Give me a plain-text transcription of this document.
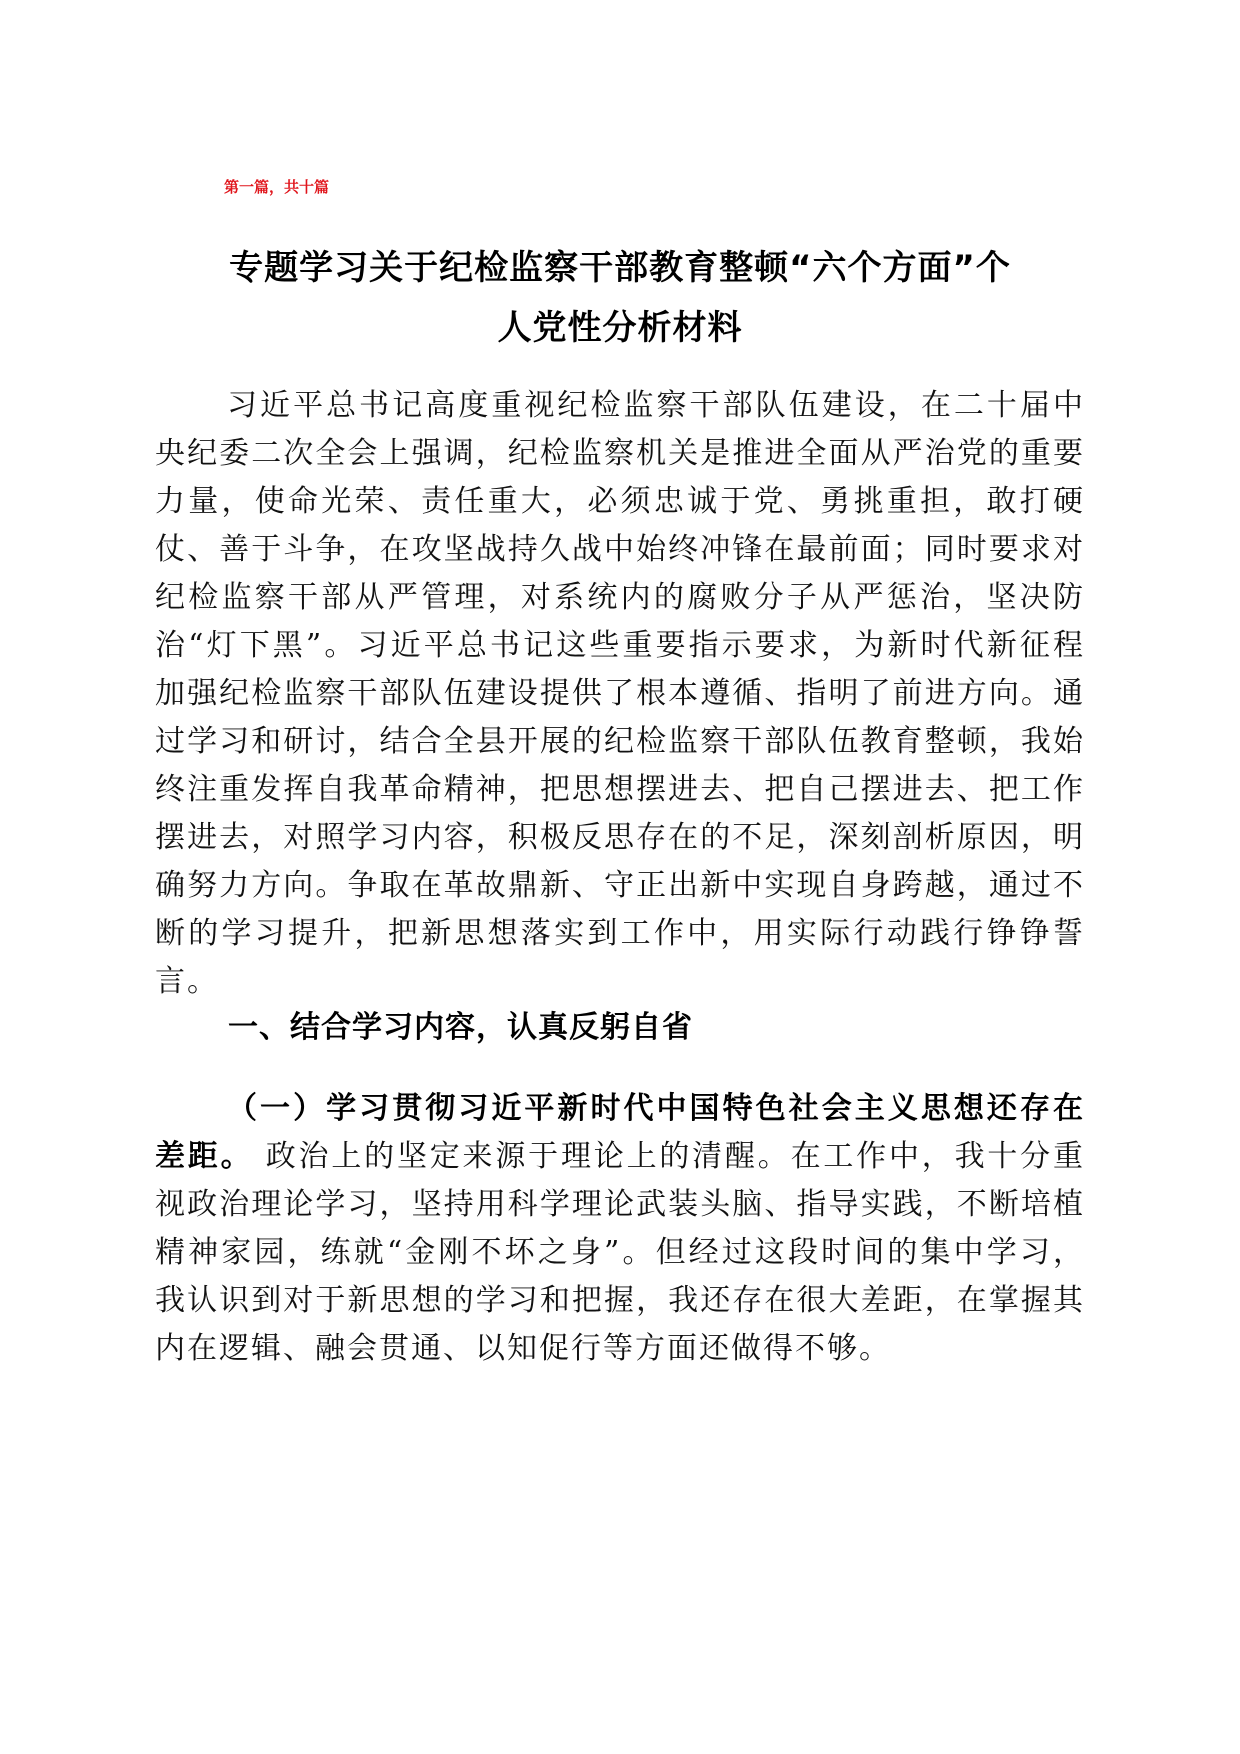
第一篇，共十篇
专题学习关于纪检监察干部教育整顿“六个方面”个
人党性分析材料

习近平总书记高度重视纪检监察干部队伍建设，在二十届中央纪委二次全会上强调，纪检监察机关是推进全面从严治党的重要力量，使命光荣、责任重大，必须忠诚于党、勇挑重担，敢打硬仗、善于斗争，在攻坚战持久战中始终冲锋在最前面；同时要求对纪检监察干部从严管理，对系统内的腐败分子从严惩治，坚决防治“灯下黑”。习近平总书记这些重要指示要求，为新时代新征程加强纪检监察干部队伍建设提供了根本遵循、指明了前进方向。通过学习和研讨，结合全县开展的纪检监察干部队伍教育整顿，我始终注重发挥自我革命精神，把思想摆进去、把自己摆进去、把工作摆进去，对照学习内容，积极反思存在的不足，深刻剖析原因，明确努力方向。争取在革故鼎新、守正出新中实现自身跨越，通过不断的学习提升，把新思想落实到工作中，用实际行动践行铮铮誓言。

一、结合学习内容，认真反躬自省

（一）学习贯彻习近平新时代中国特色社会主义思想还存在差距。 政治上的坚定来源于理论上的清醒。在工作中，我十分重视政治理论学习，坚持用科学理论武装头脑、指导实践，不断培植精神家园，练就“金刚不坏之身”。但经过这段时间的集中学习，我认识到对于新思想的学习和把握，我还存在很大差距，在掌握其内在逻辑、融会贯通、以知促行等方面还做得不够。
